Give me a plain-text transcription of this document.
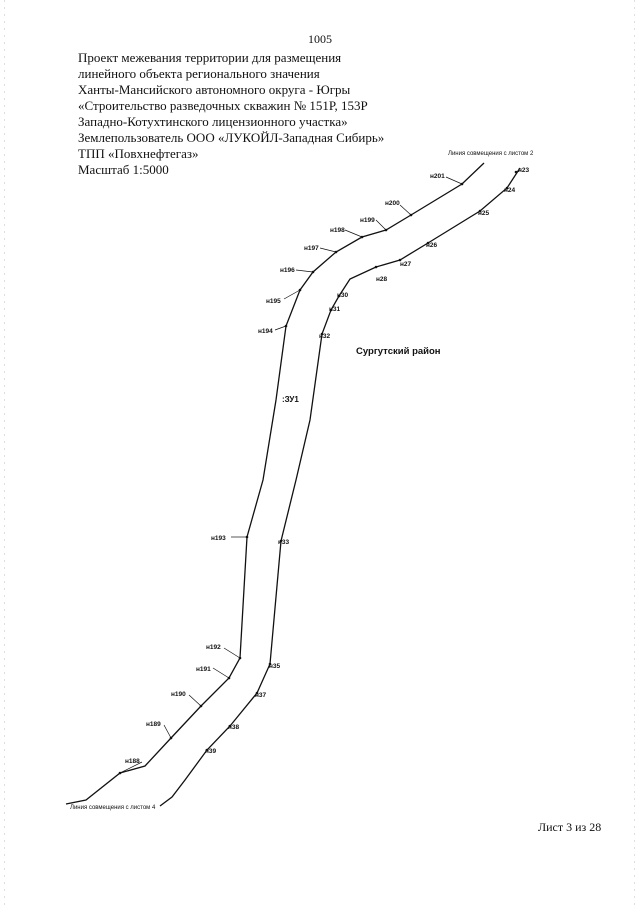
1005
Проект межевания территории для размещения
линейного объекта регионального значения
Ханты-Мансийского автономного округа - Югры
«Строительство разведочных скважин № 151Р, 153Р
Западно-Котухтинского лицензионного участка»
Землепользователь ООО «ЛУКОЙЛ-Западная Сибирь»
ТПП «Повхнефтегаз»
Масштаб 1:5000	н201
н200
н199
н198
н197
н196
н195
н194
н193
н192
н191
н190
н189
н188
н23
н24
н25
н26
н27
н28
н30
н31
н32
н33
н35
н37
н38
н39
Линия совмещения с листом 2
Линия совмещения с листом 4
Сургутский район
:ЗУ1
Лист 3 из 28
